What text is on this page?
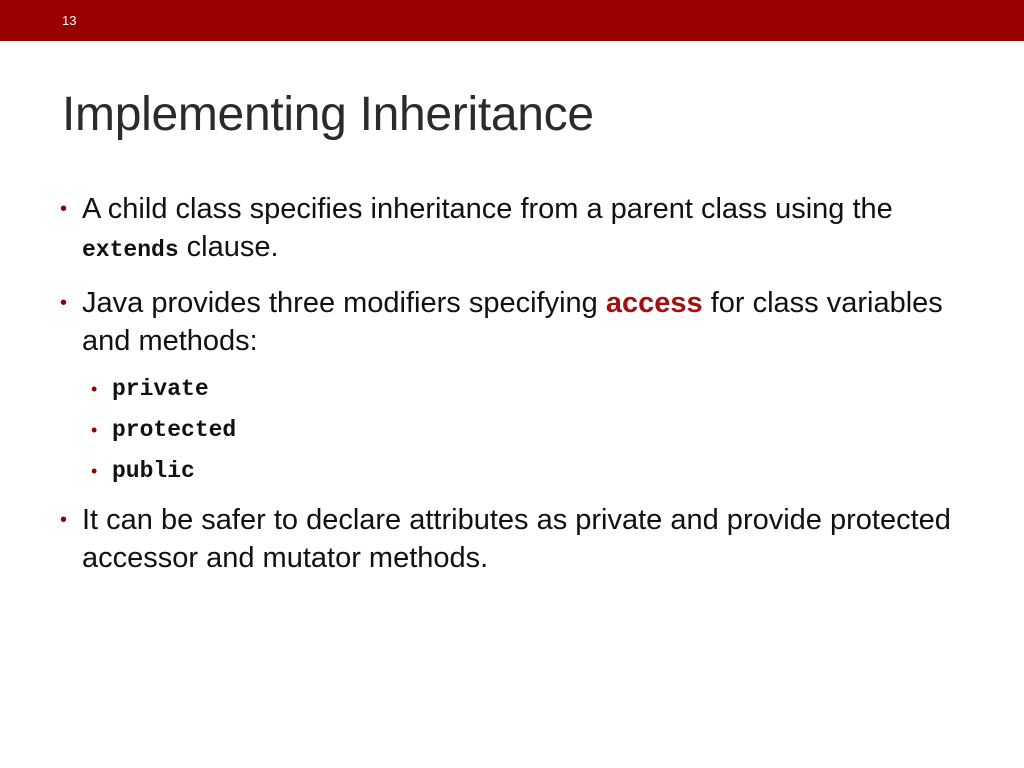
13
Implementing Inheritance
• A child class specifies inheritance from a parent class using the extends clause.
• Java provides three modifiers specifying access for class variables and methods:
• private
• protected
• public
• It can be safer to declare attributes as private and provide protected accessor and mutator methods.
